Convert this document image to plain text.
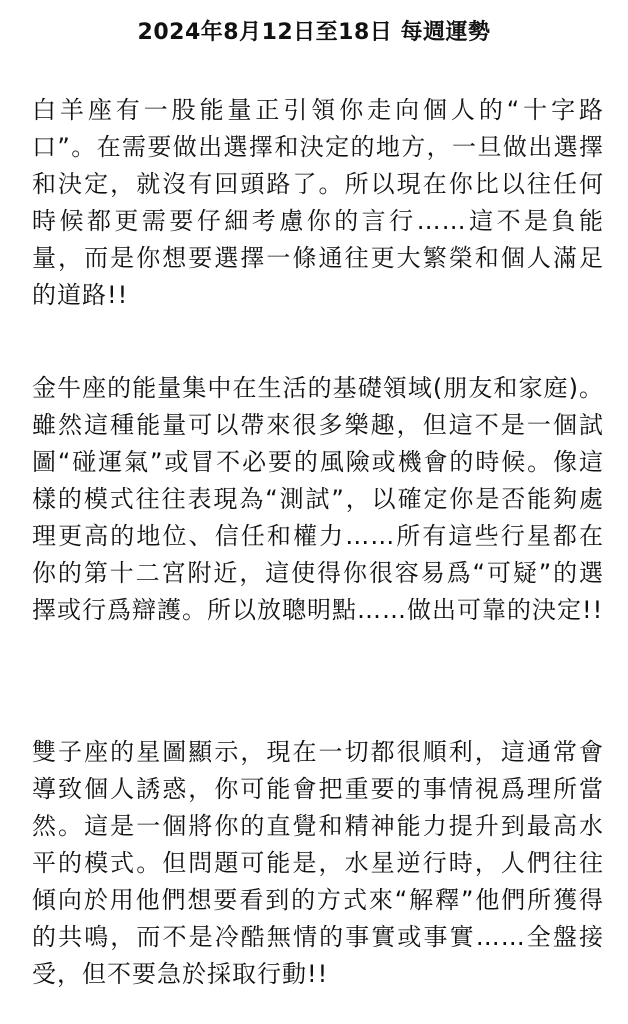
2024年8月12日至18日 每週運勢

白羊座有一股能量正引領你走向個人的“十字路口”。在需要做出選擇和決定的地方，一旦做出選擇和決定，就沒有回頭路了。所以現在你比以往任何時候都更需要仔細考慮你的言行……這不是負能量，而是你想要選擇一條通往更大繁榮和個人滿足的道路!!

金牛座的能量集中在生活的基礎領域(朋友和家庭)。雖然這種能量可以帶來很多樂趣，但這不是一個試圖“碰運氣”或冒不必要的風險或機會的時候。像這樣的模式往往表現為“測試”，以確定你是否能夠處理更高的地位、信任和權力……所有這些行星都在你的第十二宮附近，這使得你很容易爲“可疑”的選擇或行爲辯護。所以放聰明點……做出可靠的決定!!

雙子座的星圖顯示，現在一切都很順利，這通常會導致個人誘惑，你可能會把重要的事情視爲理所當然。這是一個將你的直覺和精神能力提升到最高水平的模式。但問題可能是，水星逆行時，人們往往傾向於用他們想要看到的方式來“解釋”他們所獲得的共鳴，而不是冷酷無情的事實或事實……全盤接受，但不要急於採取行動!!
